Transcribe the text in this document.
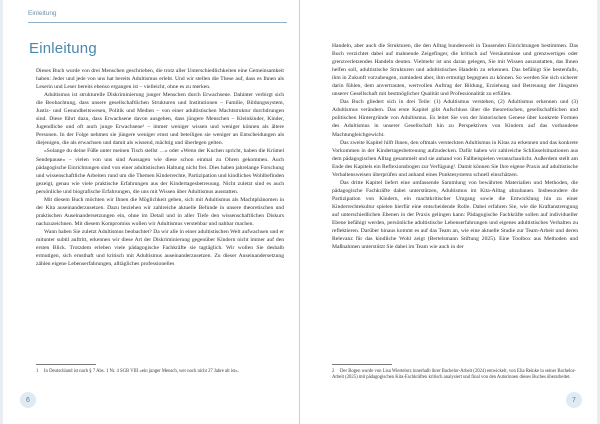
Einleitung
Einleitung

Dieses Buch wurde von drei Menschen geschrieben, die trotz aller Unterschiedlichkeiten eine Gemeinsamkeit haben: Jeder und jede von uns hat bereits Adultismus erlebt. Und wir stellen die These auf, dass es Ihnen als Leserin und Leser bereits ebenso ergangen ist – vielleicht, ohne es zu merken.

Adultismus ist strukturelle Diskriminierung junger Menschen durch Erwachsene. Dahinter verbirgt sich die Beobachtung, dass unsere gesellschaftlichen Strukturen und Institutionen – Familie, Bildungssystem, Justiz- und Gesundheitswesen, Politik und Medien – von einer adultistischen Machtstruktur durchdrungen sind. Diese führt dazu, dass Erwachsene davon ausgehen, dass jüngere Menschen – Kleinkinder, Kinder, Jugendliche und oft auch junge Erwachsene¹ – immer weniger wissen und weniger können als ältere Personen. In der Folge nehmen sie jüngere weniger ernst und beteiligen sie weniger an Entscheidungen als diejenigen, die als erwachsen und damit als wissend, mächtig und überlegen gelten.

»Solange du deine Füße unter meinen Tisch stellst …« oder »Wenn der Kuchen spricht, haben die Krümel Sendepause« – vielen von uns sind Aussagen wie diese schon einmal zu Ohren gekommen. Auch pädagogische Einrichtungen sind von einer adultistischen Haltung nicht frei. Dies haben jahrelange Forschung und wissenschaftliche Arbeiten rund um die Themen Kinderrechte, Partizipation und kindliches Wohlbefinden gezeigt, genau wie viele praktische Erfahrungen aus der Kindertagesbetreuung. Nicht zuletzt sind es auch persönliche und biografische Erfahrungen, die uns mit Wissen über Adultismus ausstatten.

Mit diesem Buch möchten wir Ihnen die Möglichkeit geben, sich mit Adultismus als Machtphänomen in der Kita auseinanderzusetzen. Dazu beziehen wir zahlreiche aktuelle Befunde in unsere theoretischen und praktischen Auseinandersetzungen ein, ohne im Detail und in aller Tiefe den wissenschaftlichen Diskurs nachzuzeichnen. Mit diesem Kompromiss wollen wir Adultismus verstehbar und nahbar machen.

Wann haben Sie zuletzt Adultismus beobachtet? Da wir alle in einer adultistischen Welt aufwachsen und er mitunter subtil auftritt, erkennen wir diese Art der Diskriminierung gegenüber Kindern nicht immer auf den ersten Blick. Trotzdem erleben viele pädagogische Fachkräfte sie tagtäglich. Wir wollen Sie deshalb ermutigen, sich ernsthaft und kritisch mit Adultismus auseinanderzusetzen. Zu dieser Auseinandersetzung zählen eigene Lebenserfahrungen, alltägliches professionelles

1 In Deutschland ist nach § 7 Abs. 1 Nr. 4 SGB VIII »ein junger Mensch, wer noch nicht 27 Jahre alt ist«.
6

Handeln, aber auch die Strukturen, die den Alltag bundesweit in Tausenden Einrichtungen bestimmen. Das Buch verzichtet dabei auf mahnende Zeigefinger, die kritisch auf Versäumnisse und grenzwertiges oder grenzverletzendes Handeln deuten. Vielmehr ist uns daran gelegen, Sie mit Wissen auszustatten, das Ihnen helfen soll, adultistische Strukturen und adultistisches Handeln zu erkennen. Das befähigt Sie bestenfalls, ihm in Zukunft vorzubeugen, zumindest aber, ihm ermutigt begegnen zu können. So werden Sie sich sicherer darin fühlen, dem anvertrauten, wertvollen Auftrag der Bildung, Erziehung und Betreuung der Jüngsten unserer Gesellschaft mit bestmöglicher Qualität und Professionalität zu erfüllen.

Das Buch gliedert sich in drei Teile: (1) Adultismus verstehen, (2) Adultismus erkennen und (3) Adultismus verändern. Das erste Kapitel gibt Aufschluss über die theoretischen, gesellschaftlichen und politischen Hintergründe von Adultismus. Es leitet Sie von der historischen Genese über konkrete Formen des Adultismus in unserer Gesellschaft hin zu Perspektiven von Kindern auf das vorhandene Machtungleichgewicht.

Das zweite Kapitel hilft Ihnen, den oftmals versteckten Adultismus in Kitas zu erkennen und das konkrete Vorkommen in der Kindertagesbetreuung aufzudecken. Dafür haben wir zahlreiche Schlüsselsituationen aus dem pädagogischen Alltag gesammelt und sie anhand von Fallbeispielen veranschaulicht. Außerdem stellt am Ende des Kapitels ein Reflexionsbogen zur Verfügung². Damit können Sie Ihre eigene Praxis auf adultistische Verhaltensweisen überprüfen und anhand eines Punktesystems schnell einschätzen.

Das dritte Kapitel liefert eine umfassende Sammlung von bewährten Materialien und Methoden, die pädagogische Fachkräfte dabei unterstützen, Adultismus im Kita-Alltag abzubauen. Insbesondere die Partizipation von Kindern, ein machtkritischer Umgang sowie die Entwicklung hin zu einer Kinderrechtekultur spielen hierfür eine entscheidende Rolle. Dabei erfahren Sie, wie die Kraftanstrengung auf unterschiedlichen Ebenen in der Praxis gelingen kann: Pädagogische Fachkräfte sollen auf individueller Ebene befähigt werden, persönliche adultistische Lebenserfahrungen und eigenes adultistisches Verhalten zu reflektieren. Darüber hinaus kommt es auf das Team an, wie eine aktuelle Studie zur Team-Arbeit und deren Relevanz für das kindliche Wohl zeigt (Bertelsmann Stiftung 2025). Eine Toolbox aus Methoden und Maßnahmen unterstützt Sie dabei im Team wie auch in der

2 Der Bogen wurde von Lisa Wiertelorz innerhalb ihrer Bachelor-Arbeit (2024) entwickelt, von Elia Reinke in seiner Bachelor-Arbeit (2025) mit pädagogischen Kita-Fachkräften kritisch analysiert und final von den Autorinnen dieses Buches überarbeitet.
7
